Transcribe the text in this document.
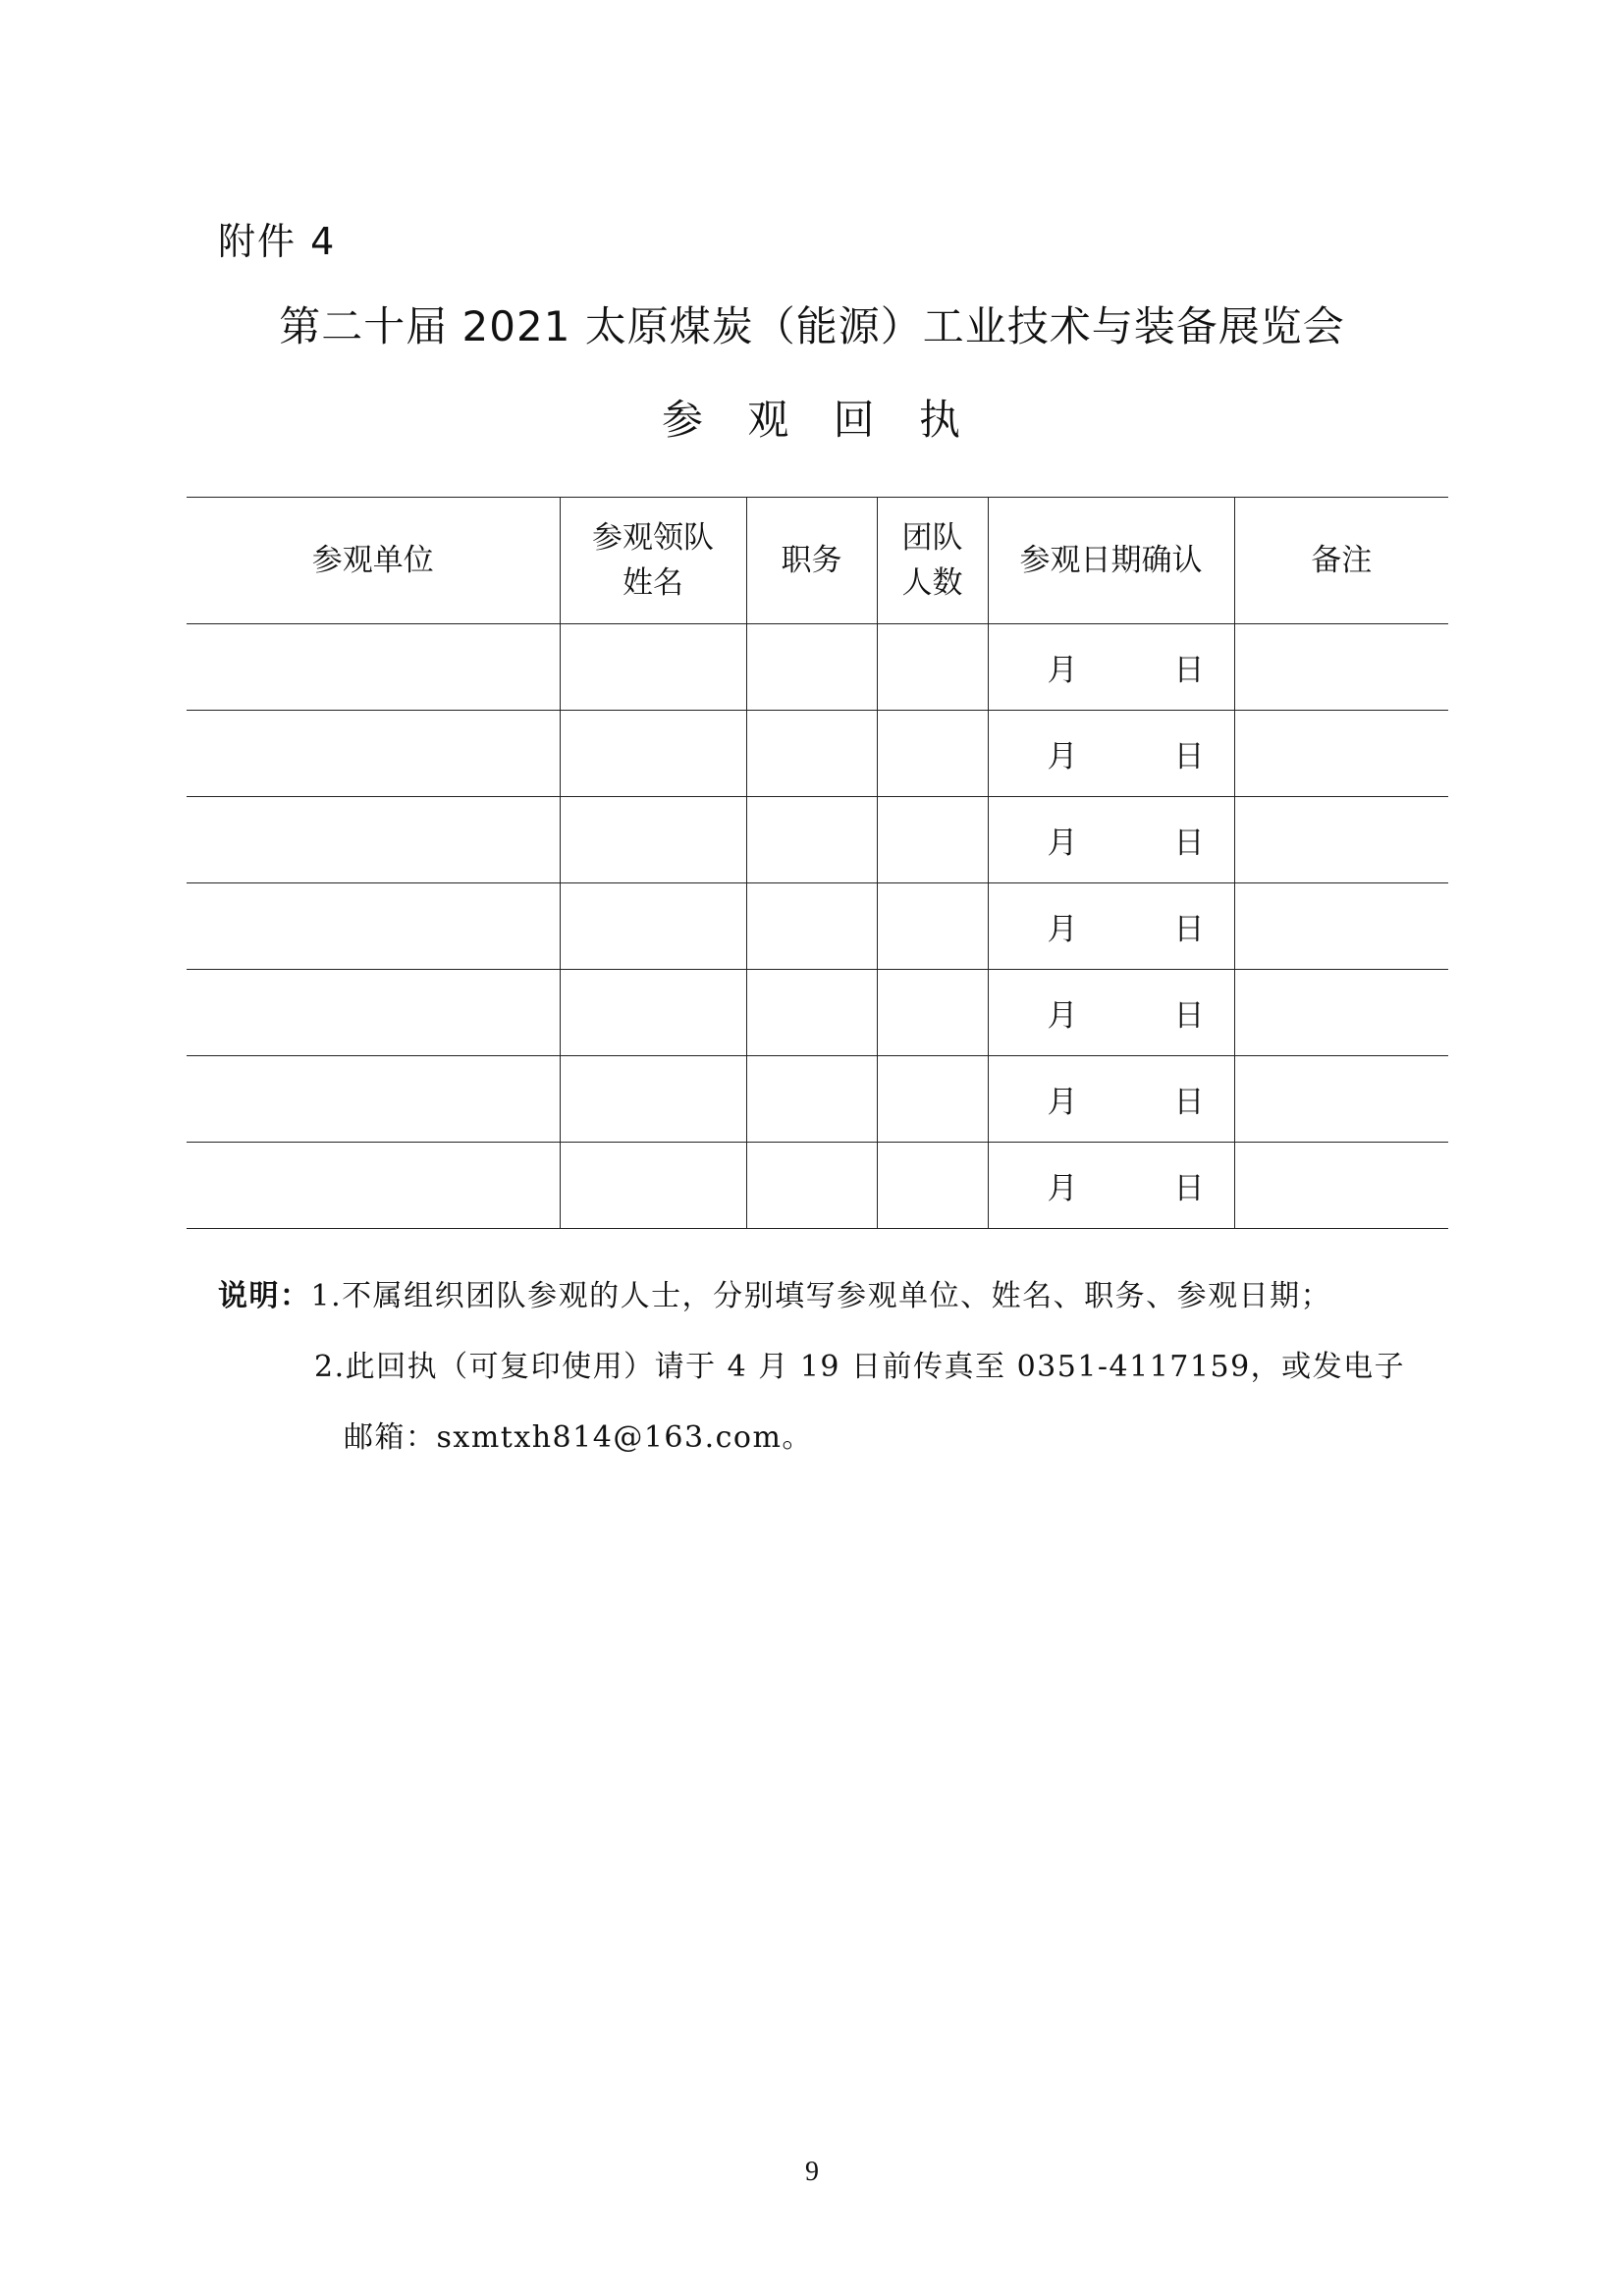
附件 4
第二十届 2021 太原煤炭（能源）工业技术与装备展览会
参 观 回 执
参观单位	参观领队姓名	职务	团队人数	参观日期确认	备注
				月 日	
				月 日	
				月 日	
				月 日	
				月 日	
				月 日	
				月 日	
说明：1.不属组织团队参观的人士，分别填写参观单位、姓名、职务、参观日期；
2.此回执（可复印使用）请于 4 月 19 日前传真至 0351-4117159，或发电子
邮箱：sxmtxh814@163.com。
9
